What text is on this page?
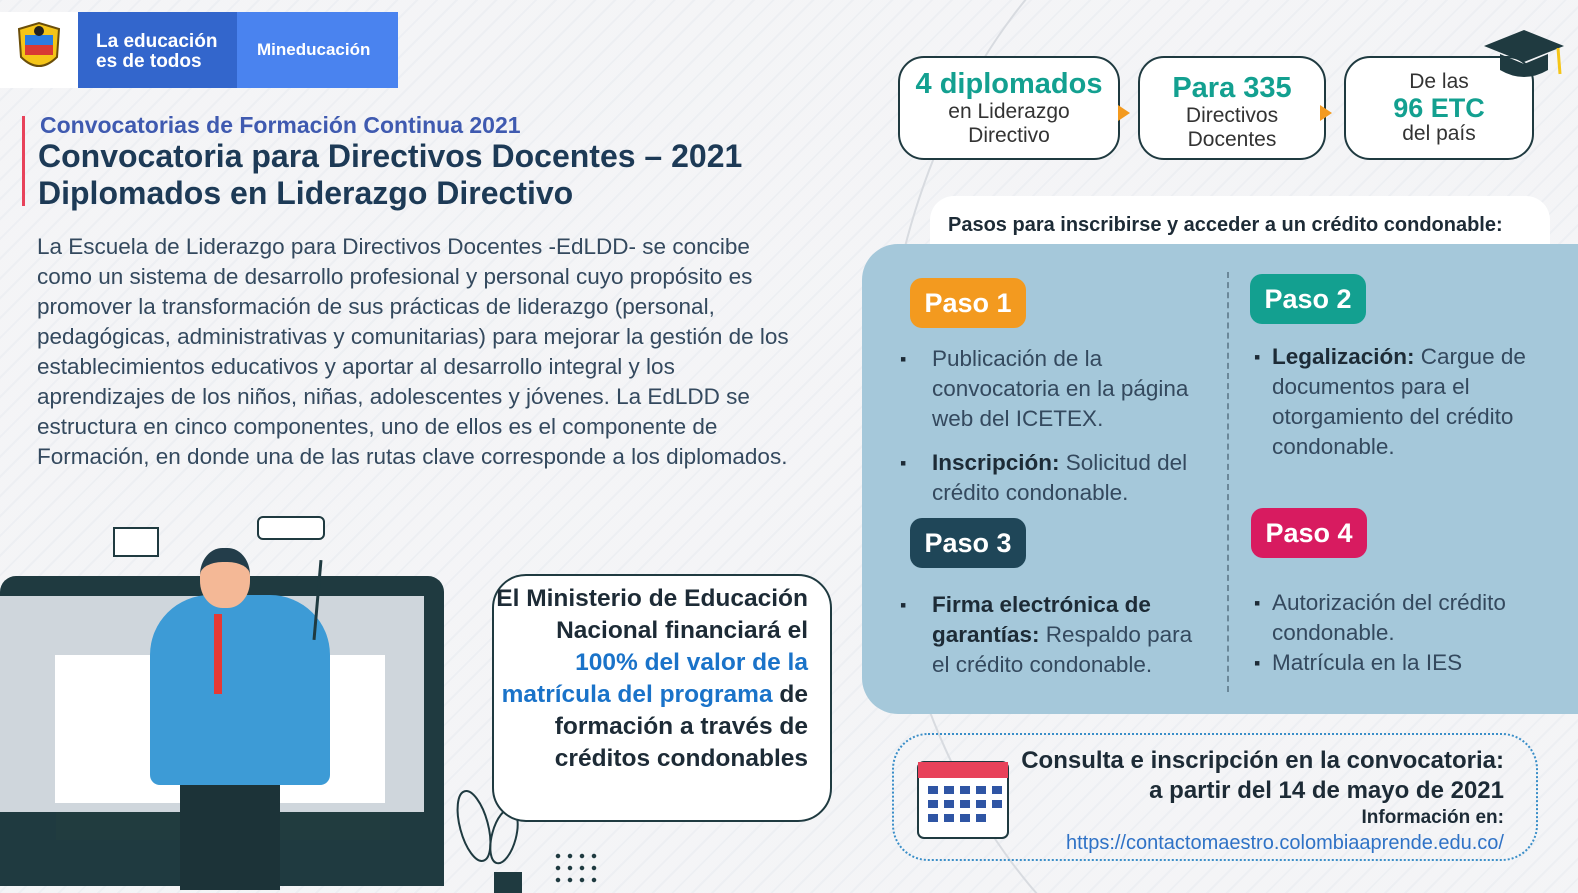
La educación
es de todos
Mineducación
Convocatorias de Formación Continua 2021
Convocatoria para Directivos Docentes – 2021
Diplomados en Liderazgo Directivo

La Escuela de Liderazgo para Directivos Docentes -EdLDD- se concibe como un sistema de desarrollo profesional y personal cuyo propósito es promover la transformación de sus prácticas de liderazgo (personal, pedagógicas, administrativas y comunitarias) para mejorar la gestión de los establecimientos educativos y aportar al desarrollo integral y los aprendizajes de los niños, niñas, adolescentes y jóvenes. La EdLDD se estructura en cinco componentes, uno de ellos es el componente de Formación, en donde una de las rutas clave corresponde a los diplomados.

El Ministerio de Educación Nacional financiará el 100% del valor de la matrícula del programa de formación a través de créditos condonables
4 diplomados
en Liderazgo Directivo
Para 335
Directivos Docentes
De las
96 ETC
del país
Pasos para inscribirse y acceder a un crédito condonable:
Paso 1
▪ Publicación de la convocatoria en la página web del ICETEX.
▪ Inscripción: Solicitud del crédito condonable.
Paso 2
▪ Legalización: Cargue de documentos para el otorgamiento del crédito condonable.
Paso 3
▪ Firma electrónica de garantías: Respaldo para el crédito condonable.
Paso 4
▪ Autorización del crédito condonable.
▪ Matrícula en la IES
Consulta e inscripción en la convocatoria:
a partir del 14 de mayo de 2021
Información en:
https://contactomaestro.colombiaaprende.edu.co/
